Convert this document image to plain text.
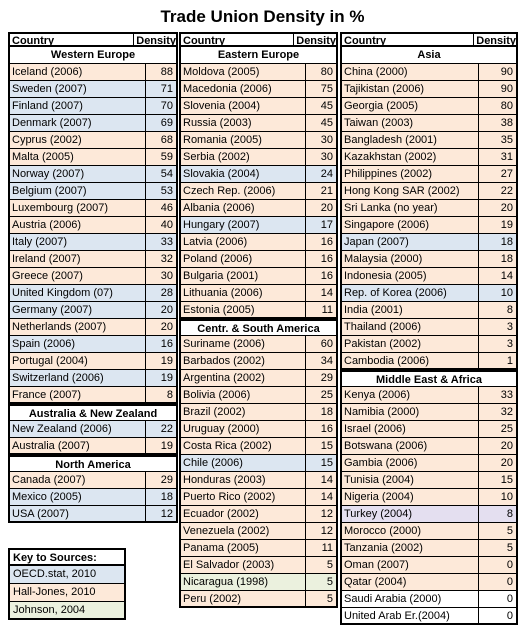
Trade Union Density in %
Country	Density
Western Europe
Iceland (2006)	88
Sweden (2007)	71
Finland (2007)	70
Denmark (2007)	69
Cyprus (2002)	68
Malta (2005)	59
Norway (2007)	54
Belgium (2007)	53
Luxembourg (2007)	46
Austria (2006)	40
Italy (2007)	33
Ireland (2007)	32
Greece (2007)	30
United Kingdom (07)	28
Germany (2007)	20
Netherlands (2007)	20
Spain (2006)	16
Portugal (2004)	19
Switzerland (2006)	19
France (2007)	8
Australia & New Zealand
New Zealand (2006)	22
Australia (2007)	19
North America
Canada (2007)	29
Mexico (2005)	18
USA (2007)	12
Country	Density
Eastern Europe
Moldova (2005)	80
Macedonia (2006)	75
Slovenia (2004)	45
Russia (2003)	45
Romania (2005)	30
Serbia (2002)	30
Slovakia (2004)	24
Czech Rep. (2006)	21
Albania (2006)	20
Hungary (2007)	17
Latvia (2006)	16
Poland (2006)	16
Bulgaria (2001)	16
Lithuania (2006)	14
Estonia (2005)	11
Centr. & South America
Suriname (2006)	60
Barbados (2002)	34
Argentina (2002)	29
Bolivia (2006)	25
Brazil (2002)	18
Uruguay (2000)	16
Costa Rica (2002)	15
Chile (2006)	15
Honduras (2003)	14
Puerto Rico (2002)	14
Ecuador (2002)	12
Venezuela (2002)	12
Panama (2005)	11
El Salvador (2003)	5
Nicaragua (1998)	5
Peru (2002)	5
Country	Density
Asia
China (2000)	90
Tajikistan (2006)	90
Georgia (2005)	80
Taiwan (2003)	38
Bangladesh (2001)	35
Kazakhstan (2002)	31
Philippines (2002)	27
Hong Kong SAR (2002)	22
Sri Lanka (no year)	20
Singapore (2006)	19
Japan (2007)	18
Malaysia (2000)	18
Indonesia (2005)	14
Rep. of Korea (2006)	10
India (2001)	8
Thailand (2006)	3
Pakistan (2002)	3
Cambodia (2006)	1
Middle East & Africa
Kenya (2006)	33
Namibia (2000)	32
Israel (2006)	25
Botswana (2006)	20
Gambia (2006)	20
Tunisia (2004)	15
Nigeria (2004)	10
Turkey (2004)	8
Morocco (2000)	5
Tanzania (2002)	5
Oman (2007)	0
Qatar (2004)	0
Saudi Arabia (2000)	0
United Arab Er.(2004)	0
Key to Sources:
OECD.stat, 2010
Hall-Jones, 2010
Johnson, 2004
